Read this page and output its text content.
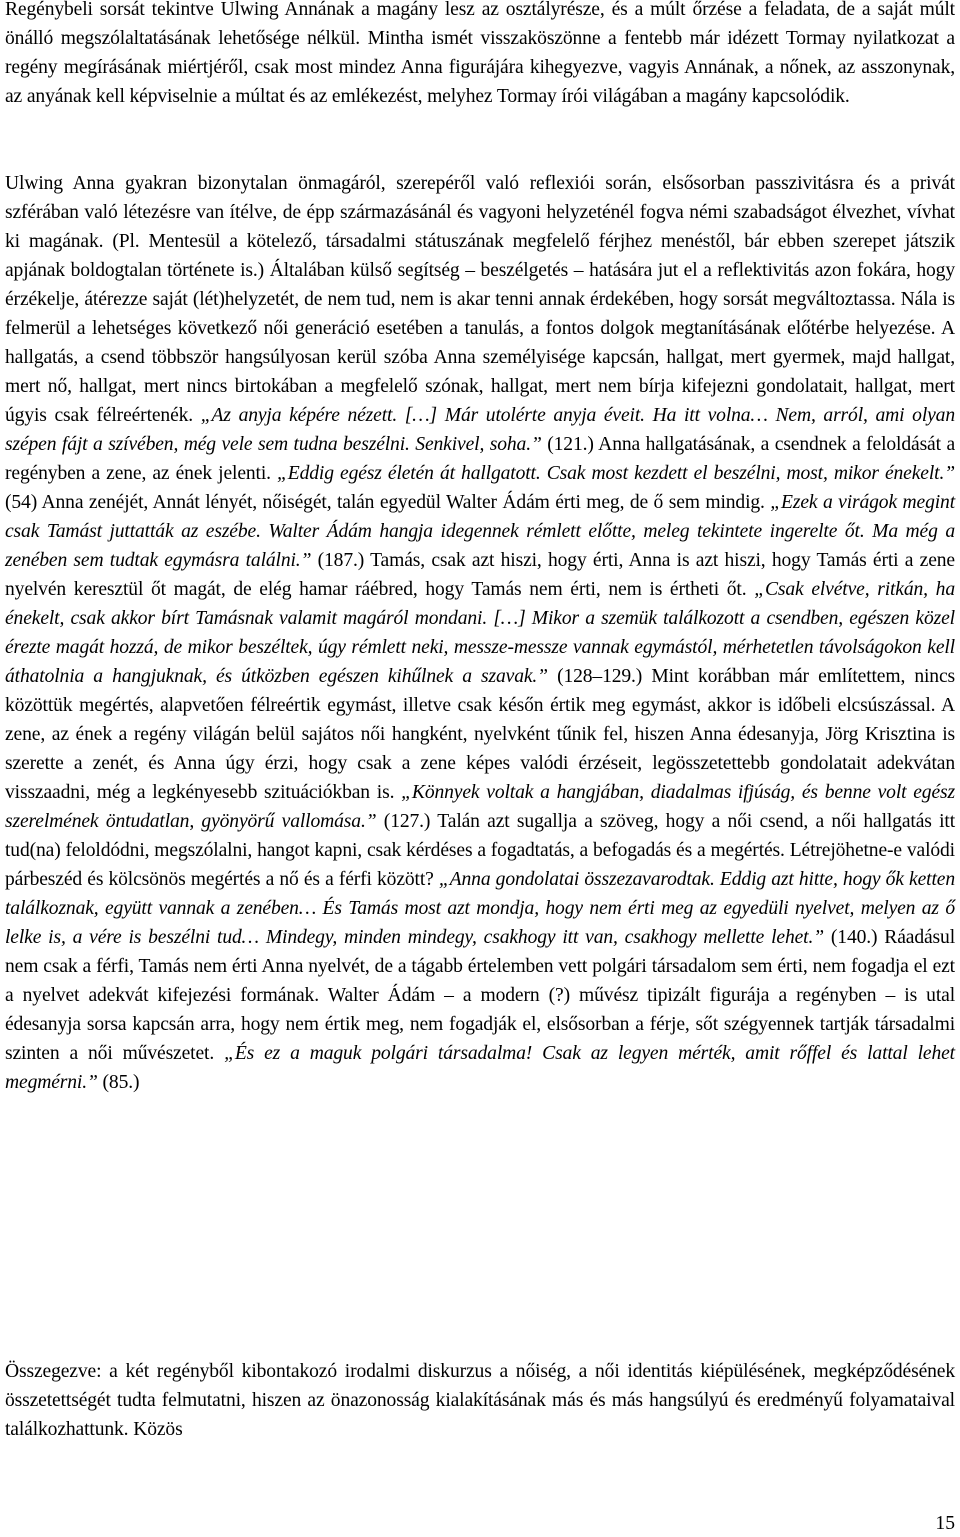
Regénybeli sorsát tekintve Ulwing Annának a magány lesz az osztályrésze, és a múlt őrzése a feladata, de a saját múlt önálló megszólaltatásának lehetősége nélkül. Mintha ismét visszaköszönne a fentebb már idézett Tormay nyilatkozat a regény megírásának miértjéről, csak most mindez Anna figurájára kihegyezve, vagyis Annának, a nőnek, az asszonynak, az anyának kell képviselnie a múltat és az emlékezést, melyhez Tormay írói világában a magány kapcsolódik.

Ulwing Anna gyakran bizonytalan önmagáról, szerepéről való reflexiói során, elsősorban passzivitásra és a privát szférában való létezésre van ítélve, de épp származásánál és vagyoni helyzeténél fogva némi szabadságot élvezhet, vívhat ki magának. (Pl. Mentesül a kötelező, társadalmi státuszának megfelelő férjhez menéstől, bár ebben szerepet játszik apjának boldogtalan története is.) Általában külső segítség – beszélgetés – hatására jut el a reflektivitás azon fokára, hogy érzékelje, átérezze saját (lét)helyzetét, de nem tud, nem is akar tenni annak érdekében, hogy sorsát megváltoztassa. Nála is felmerül a lehetséges következő női generáció esetében a tanulás, a fontos dolgok megtanításának előtérbe helyezése. A hallgatás, a csend többször hangsúlyosan kerül szóba Anna személyisége kapcsán, hallgat, mert gyermek, majd hallgat, mert nő, hallgat, mert nincs birtokában a megfelelő szónak, hallgat, mert nem bírja kifejezni gondolatait, hallgat, mert úgyis csak félreértenék. „Az anyja képére nézett. […] Már utolérte anyja éveit. Ha itt volna… Nem, arról, ami olyan szépen fájt a szívében, még vele sem tudna beszélni. Senkivel, soha.” (121.) Anna hallgatásának, a csendnek a feloldását a regényben a zene, az ének jelenti. „Eddig egész életén át hallgatott. Csak most kezdett el beszélni, most, mikor énekelt.” (54) Anna zenéjét, Annát lényét, nőiségét, talán egyedül Walter Ádám érti meg, de ő sem mindig. „Ezek a virágok megint csak Tamást juttatták az eszébe. Walter Ádám hangja idegennek rémlett előtte, meleg tekintete ingerelte őt. Ma még a zenében sem tudtak egymásra találni.” (187.) Tamás, csak azt hiszi, hogy érti, Anna is azt hiszi, hogy Tamás érti a zene nyelvén keresztül őt magát, de elég hamar ráébred, hogy Tamás nem érti, nem is értheti őt. „Csak elvétve, ritkán, ha énekelt, csak akkor bírt Tamásnak valamit magáról mondani. […] Mikor a szemük találkozott a csendben, egészen közel érezte magát hozzá, de mikor beszéltek, úgy rémlett neki, messze-messze vannak egymástól, mérhetetlen távolságokon kell áthatolnia a hangjuknak, és útközben egészen kihűlnek a szavak.” (128–129.) Mint korábban már említettem, nincs közöttük megértés, alapvetően félreértik egymást, illetve csak későn értik meg egymást, akkor is időbeli elcsúszással. A zene, az ének a regény világán belül sajátos női hangként, nyelvként tűnik fel, hiszen Anna édesanyja, Jörg Krisztina is szerette a zenét, és Anna úgy érzi, hogy csak a zene képes valódi érzéseit, legösszetettebb gondolatait adekvátan visszaadni, még a legkényesebb szituációkban is. „Könnyek voltak a hangjában, diadalmas ifjúság, és benne volt egész szerelmének öntudatlan, gyönyörű vallomása.” (127.) Talán azt sugallja a szöveg, hogy a női csend, a női hallgatás itt tud(na) feloldódni, megszólalni, hangot kapni, csak kérdéses a fogadtatás, a befogadás és a megértés. Létrejöhetne-e valódi párbeszéd és kölcsönös megértés a nő és a férfi között? „Anna gondolatai összezavarodtak. Eddig azt hitte, hogy ők ketten találkoznak, együtt vannak a zenében… És Tamás most azt mondja, hogy nem érti meg az egyedüli nyelvet, melyen az ő lelke is, a vére is beszélni tud… Mindegy, minden mindegy, csakhogy itt van, csakhogy mellette lehet.” (140.) Ráadásul nem csak a férfi, Tamás nem érti Anna nyelvét, de a tágabb értelemben vett polgári társadalom sem érti, nem fogadja el ezt a nyelvet adekvát kifejezési formának. Walter Ádám – a modern (?) művész tipizált figurája a regényben – is utal édesanyja sorsa kapcsán arra, hogy nem értik meg, nem fogadják el, elsősorban a férje, sőt szégyennek tartják társadalmi szinten a női művészetet. „És ez a maguk polgári társadalma! Csak az legyen mérték, amit rőffel és lattal lehet megmérni.” (85.)

Összegezve: a két regényből kibontakozó irodalmi diskurzus a nőiség, a női identitás kiépülésének, megképződésének összetettségét tudta felmutatni, hiszen az önazonosság kialakításának más és más hangsúlyú és eredményű folyamataival találkozhattunk. Közös

15
